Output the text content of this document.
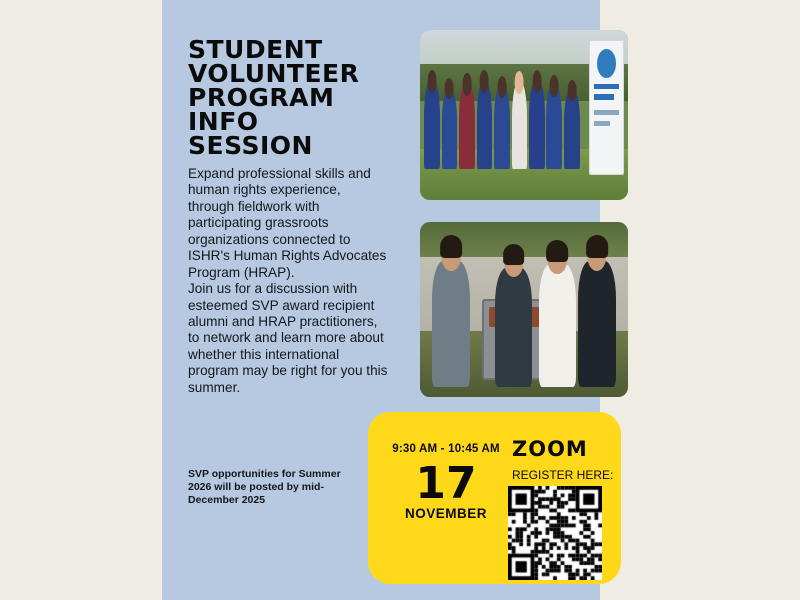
STUDENT
VOLUNTEER
PROGRAM
INFO
SESSION

Expand professional skills and human rights experience, through fieldwork with participating grassroots organizations connected to ISHR's Human Rights Advocates Program (HRAP).

Join us for a discussion with esteemed SVP award recipient alumni and HRAP practitioners, to network and learn more about whether this international program may be right for you this summer.

SVP opportunities for Summer 2026 will be posted by mid-December 2025
9:30 AM - 10:45 AM
17
NOVEMBER
ZOOM
REGISTER HERE:
